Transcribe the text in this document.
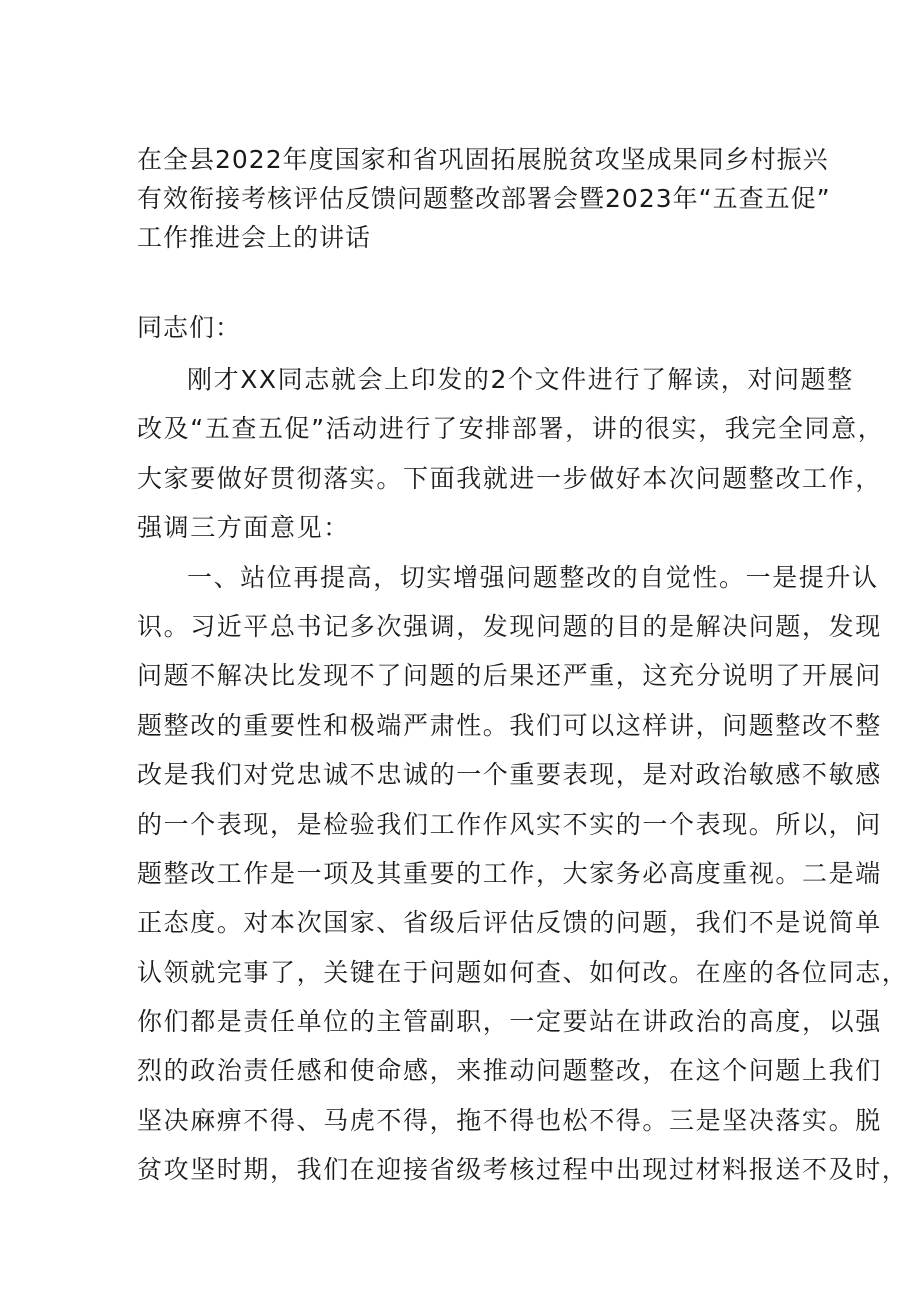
在全县2022年度国家和省巩固拓展脱贫攻坚成果同乡村振兴
有效衔接考核评估反馈问题整改部署会暨2023年“五查五促”
工作推进会上的讲话

同志们：

刚才XX同志就会上印发的2个文件进行了解读，对问题整
改及“五查五促”活动进行了安排部署，讲的很实，我完全同意，
大家要做好贯彻落实。下面我就进一步做好本次问题整改工作，
强调三方面意见：
一、站位再提高，切实增强问题整改的自觉性。一是提升认
识。习近平总书记多次强调，发现问题的目的是解决问题，发现
问题不解决比发现不了问题的后果还严重，这充分说明了开展问
题整改的重要性和极端严肃性。我们可以这样讲，问题整改不整
改是我们对党忠诚不忠诚的一个重要表现，是对政治敏感不敏感
的一个表现，是检验我们工作作风实不实的一个表现。所以，问
题整改工作是一项及其重要的工作，大家务必高度重视。二是端
正态度。对本次国家、省级后评估反馈的问题，我们不是说简单
认领就完事了，关键在于问题如何查、如何改。在座的各位同志，
你们都是责任单位的主管副职，一定要站在讲政治的高度，以强
烈的政治责任感和使命感，来推动问题整改，在这个问题上我们
坚决麻痹不得、马虎不得，拖不得也松不得。三是坚决落实。脱
贫攻坚时期，我们在迎接省级考核过程中出现过材料报送不及时，
